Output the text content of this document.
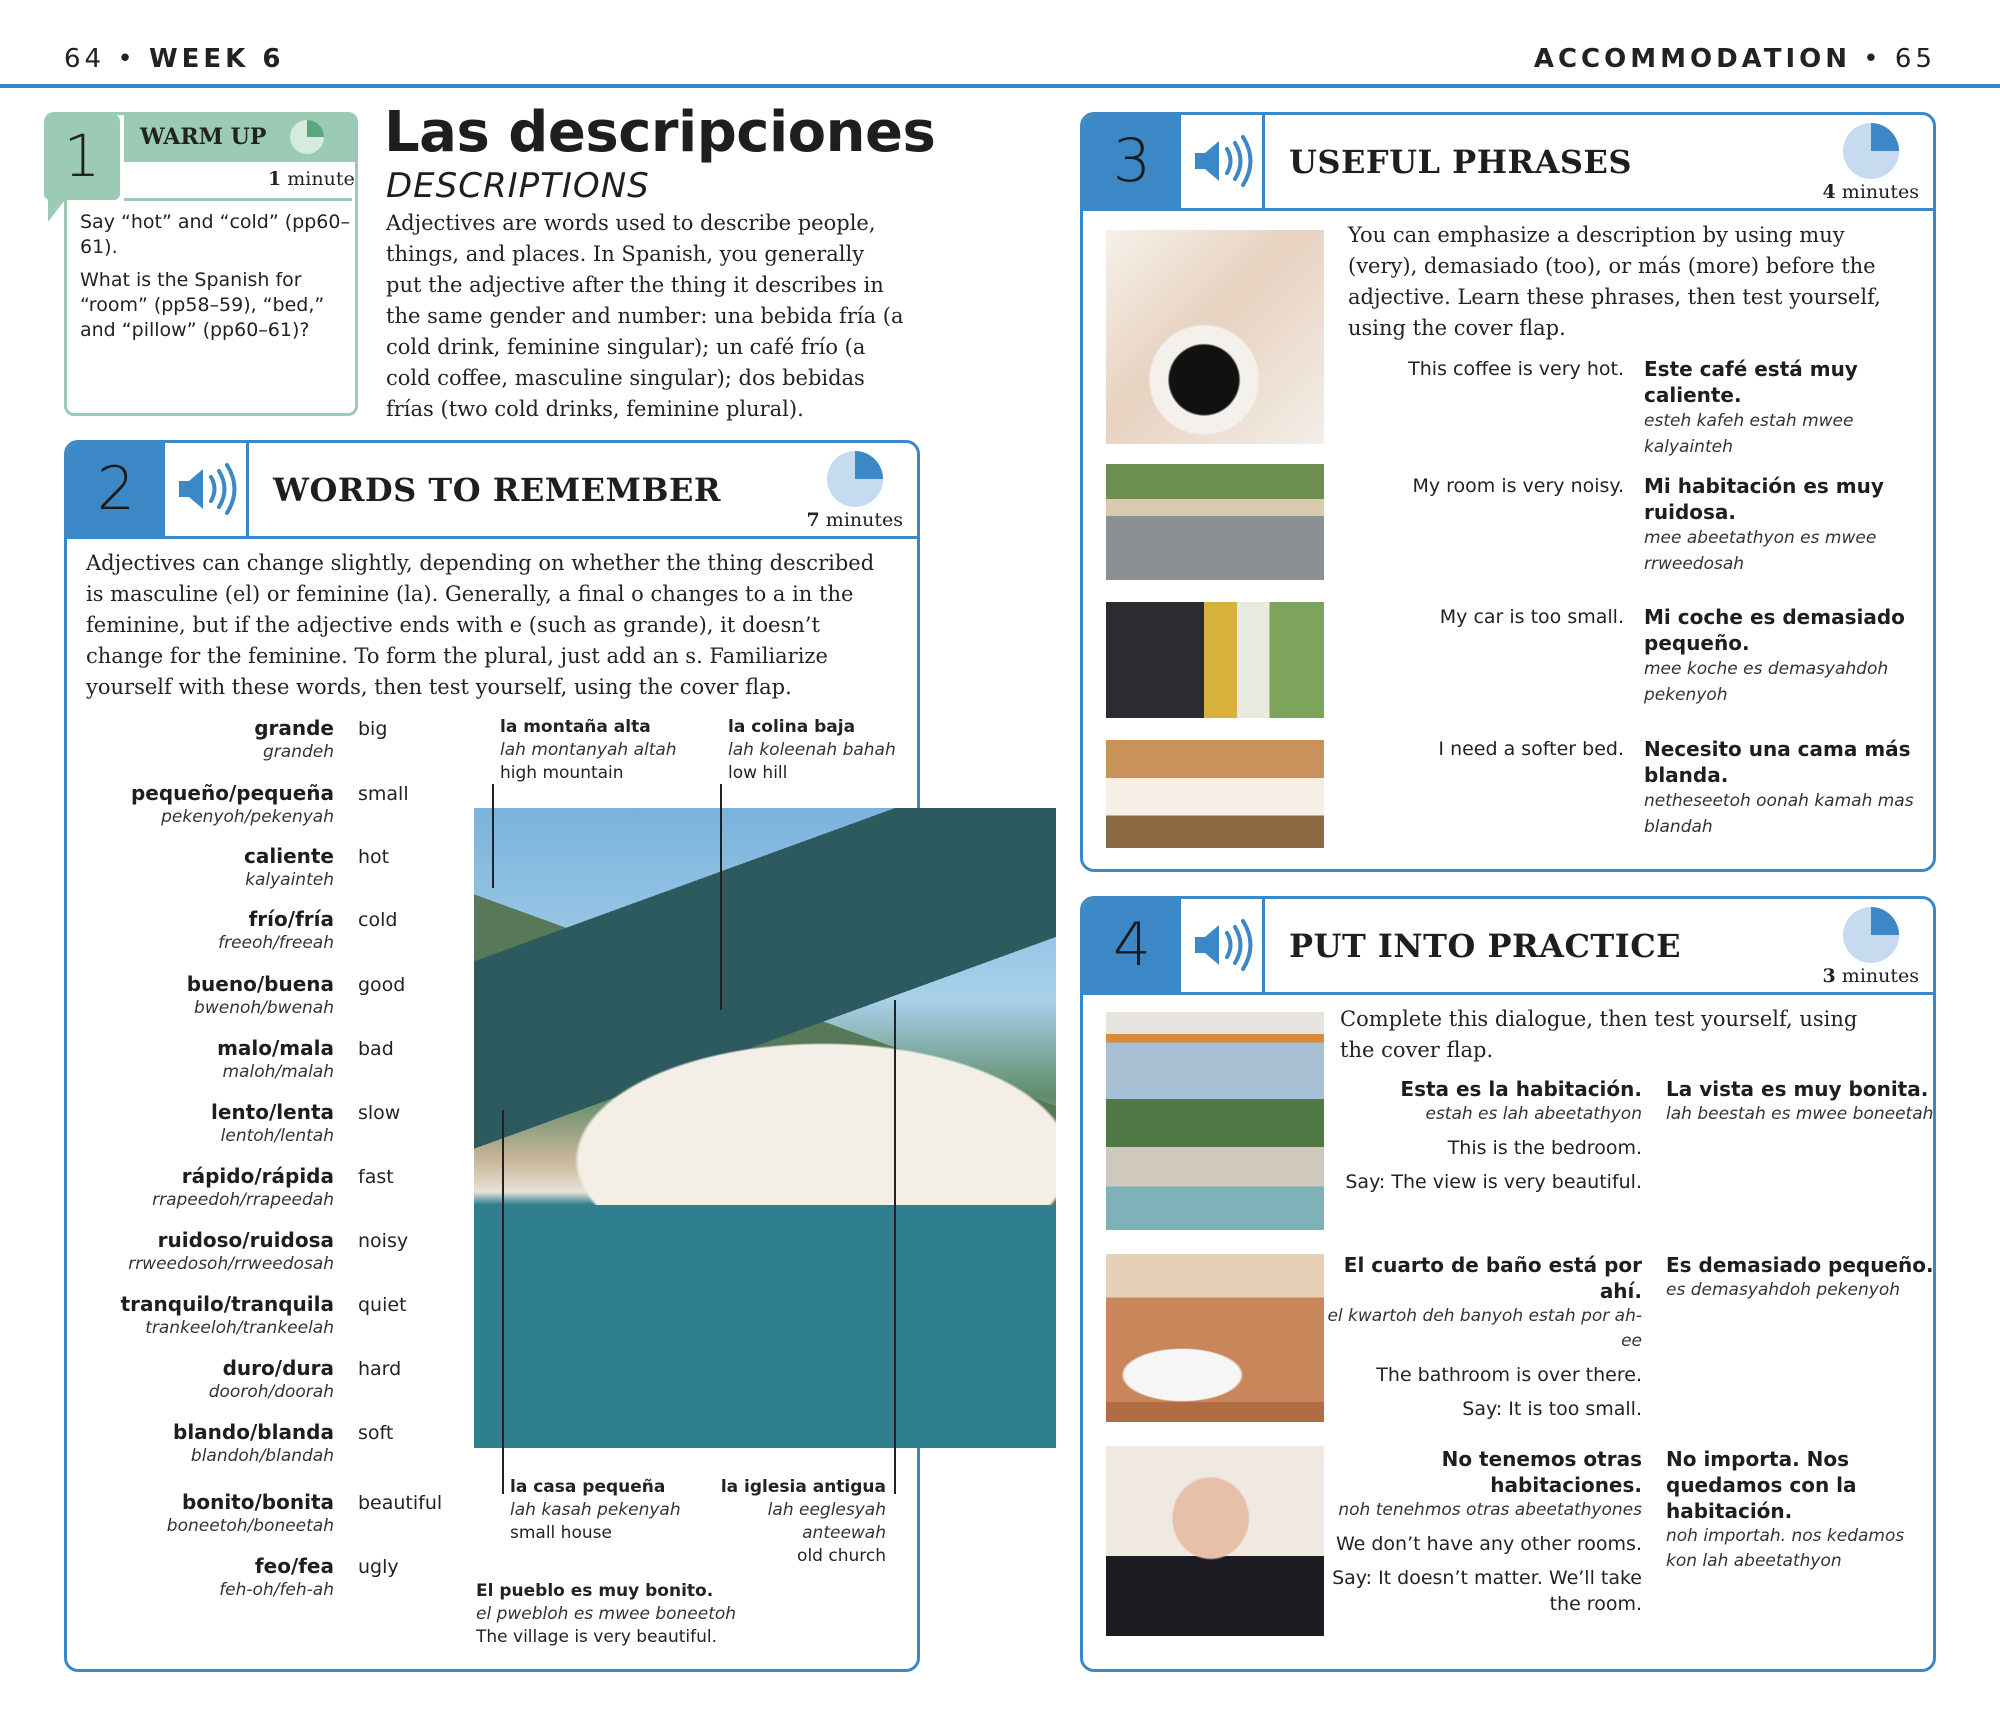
64 • WEEK 6	ACCOMMODATION • 65
1	WARM UP
1 minute

Say “hot” and “cold” (pp60–61).

What is the Spanish for “room” (pp58–59), “bed,” and “pillow” (pp60–61)?

Las descripciones
DESCRIPTIONS

Adjectives are words used to describe people, things, and places. In Spanish, you generally put the adjective after the thing it describes in the same gender and number: una bebida fría (a cold drink, feminine singular); un café frío (a cold coffee, masculine singular); dos bebidas frías (two cold drinks, feminine plural).

2	WORDS TO REMEMBER
7 minutes

Adjectives can change slightly, depending on whether the thing described is masculine (el) or feminine (la). Generally, a final o changes to a in the feminine, but if the adjective ends with e (such as grande), it doesn’t change for the feminine. To form the plural, just add an s. Familiarize yourself with these words, then test yourself, using the cover flap.

grande
grandeh
big
pequeño/pequeña
pekenyoh/pekenyah
small
caliente
kalyainteh
hot
frío/fría
freeoh/freeah
cold
bueno/buena
bwenoh/bwenah
good
malo/mala
maloh/malah
bad
lento/lenta
lentoh/lentah
slow
rápido/rápida
rrapeedoh/rrapeedah
fast
ruidoso/ruidosa
rrweedosoh/rrweedosah
noisy
tranquilo/tranquila
trankeeloh/trankeelah
quiet
duro/dura
dooroh/doorah
hard
blando/blanda
blandoh/blandah
soft
bonito/bonita
boneetoh/boneetah
beautiful
feo/fea
feh-oh/feh-ah
ugly
la montaña alta
lah montanyah altah
high mountain
la colina baja
lah koleenah bahah
low hill
la casa pequeña
lah kasah pekenyah
small house
la iglesia antigua
lah eeglesyah
anteewah
old church
El pueblo es muy bonito.
el pwebloh es mwee boneetoh
The village is very beautiful.
3	USEFUL PHRASES
4 minutes

You can emphasize a description by using muy (very), demasiado (too), or más (more) before the adjective. Learn these phrases, then test yourself, using the cover flap.

This coffee is very hot. Este café está muy caliente.
esteh kafeh estah mwee kalyainteh
My room is very noisy. Mi habitación es muy ruidosa.
mee abeetathyon es mwee rrweedosah
My car is too small. Mi coche es demasiado pequeño.
mee koche es demasyahdoh pekenyoh
I need a softer bed. Necesito una cama más blanda.
netheseetoh oonah kamah mas blandah
4	PUT INTO PRACTICE
3 minutes

Complete this dialogue, then test yourself, using the cover flap.

Esta es la habitación.
estah es lah abeetathyon
This is the bedroom.
Say: The view is very beautiful.
La vista es muy bonita.
lah beestah es mwee boneetah
El cuarto de baño está por ahí.
el kwartoh deh banyoh estah por ah-ee
The bathroom is over there.
Say: It is too small.
Es demasiado pequeño.
es demasyahdoh pekenyoh
No tenemos otras habitaciones.
noh tenehmos otras abeetathyones
We don’t have any other rooms.
Say: It doesn’t matter. We’ll take the room.
No importa. Nos quedamos con la habitación.
noh importah. nos kedamos kon lah abeetathyon
